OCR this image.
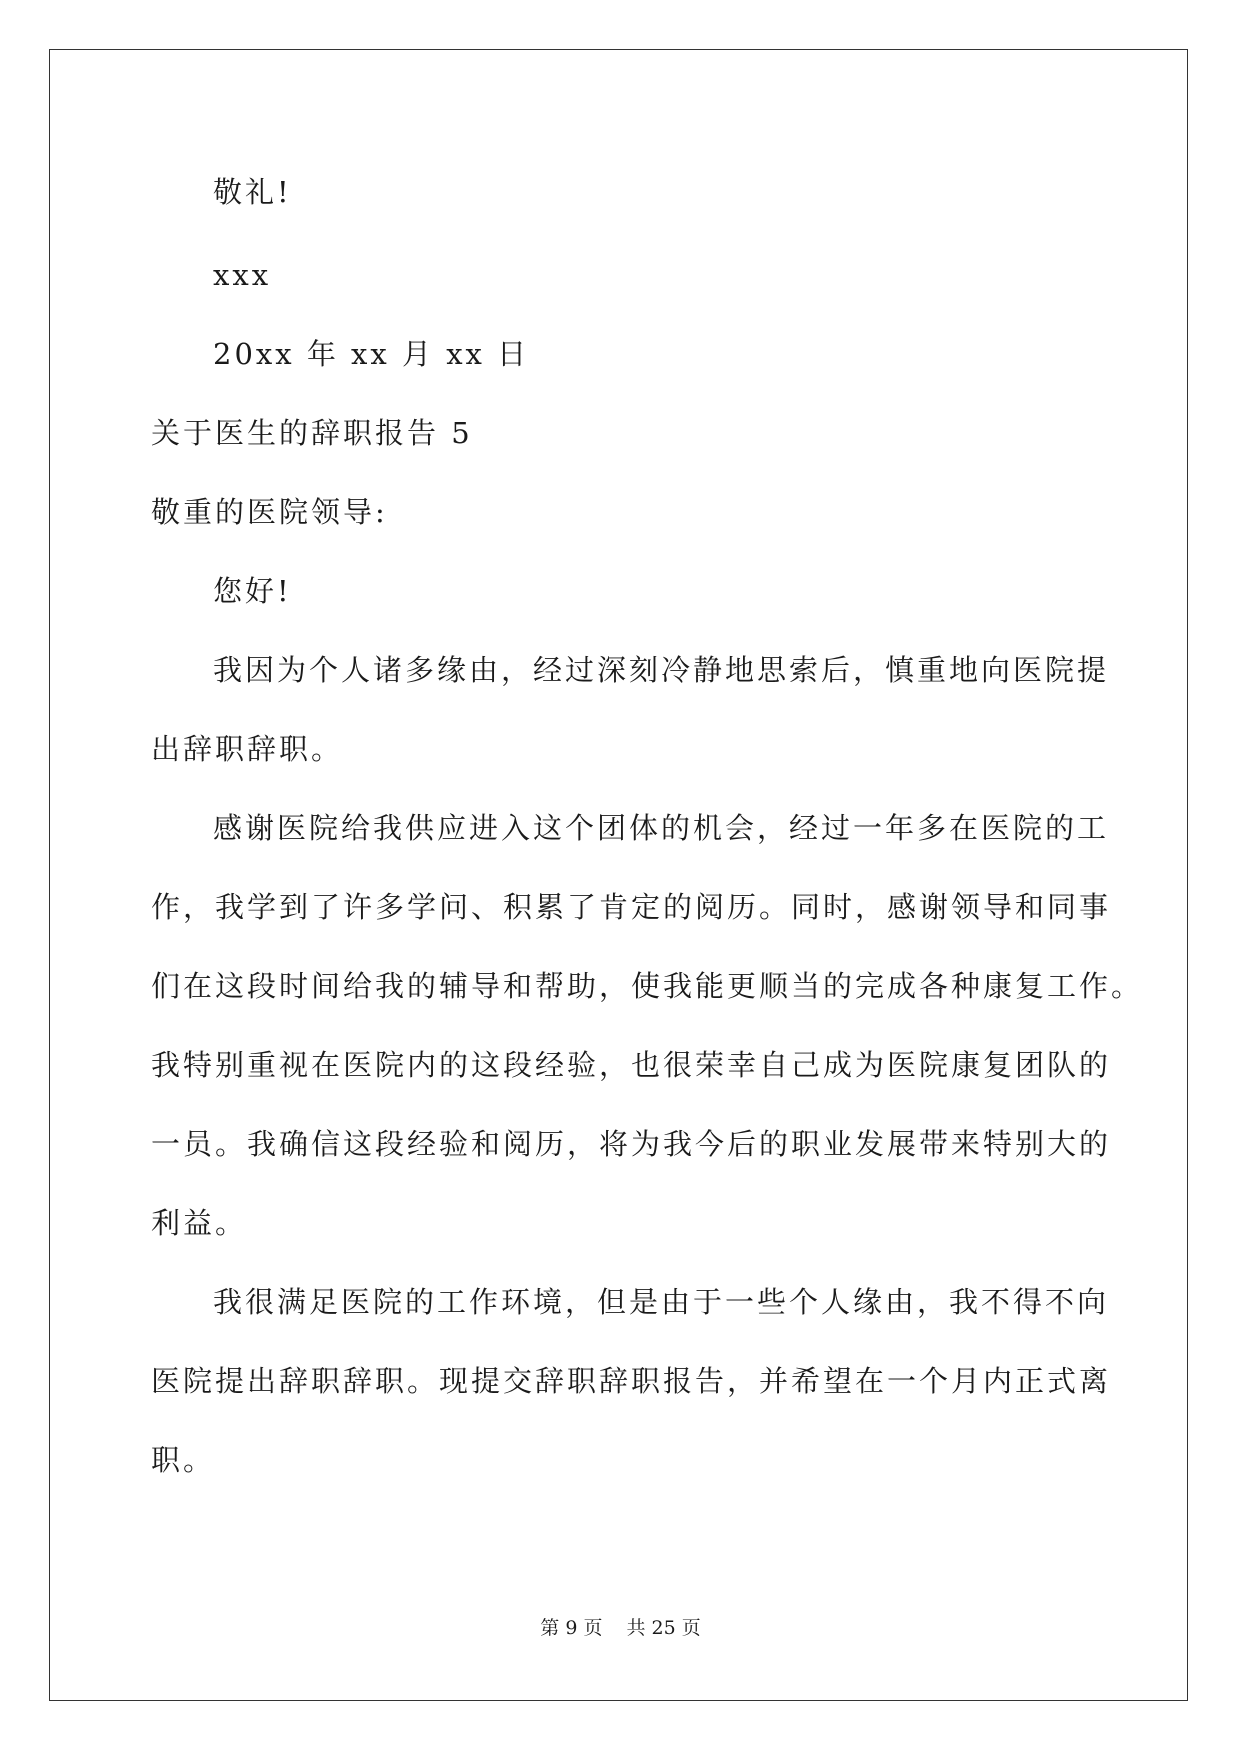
敬礼!
xxx
20xx 年 xx 月 xx 日
关于医生的辞职报告 5
敬重的医院领导:
您好!
我因为个人诸多缘由，经过深刻冷静地思索后，慎重地向医院提
出辞职辞职。
感谢医院给我供应进入这个团体的机会，经过一年多在医院的工
作，我学到了许多学问、积累了肯定的阅历。同时，感谢领导和同事
们在这段时间给我的辅导和帮助，使我能更顺当的完成各种康复工作。
我特别重视在医院内的这段经验，也很荣幸自己成为医院康复团队的
一员。我确信这段经验和阅历，将为我今后的职业发展带来特别大的
利益。
我很满足医院的工作环境，但是由于一些个人缘由，我不得不向
医院提出辞职辞职。现提交辞职辞职报告，并希望在一个月内正式离
职。
第 9 页 共 25 页
